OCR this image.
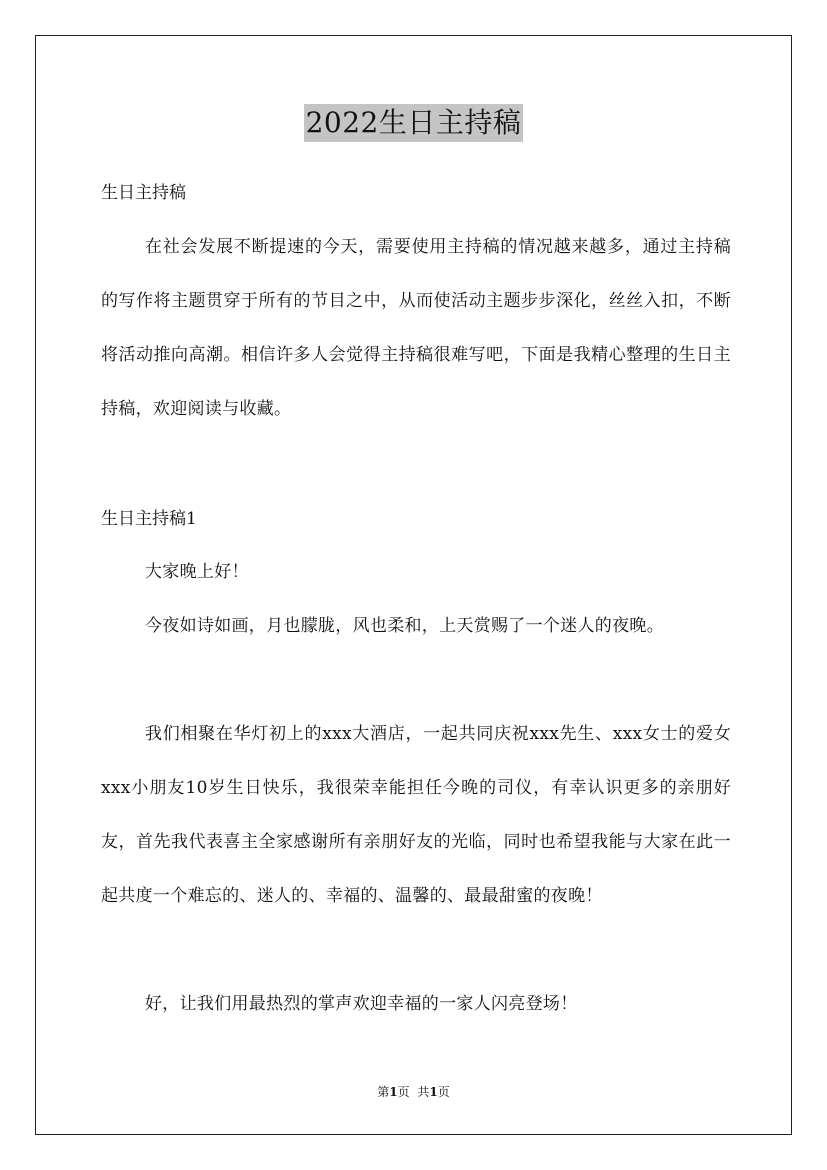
2022生日主持稿
生日主持稿
在社会发展不断提速的今天，需要使用主持稿的情况越来越多，通过主持稿的写作将主题贯穿于所有的节目之中，从而使活动主题步步深化，丝丝入扣，不断将活动推向高潮。相信许多人会觉得主持稿很难写吧，下面是我精心整理的生日主持稿，欢迎阅读与收藏。
生日主持稿1
大家晚上好！
今夜如诗如画，月也朦胧，风也柔和，上天赏赐了一个迷人的夜晚。
我们相聚在华灯初上的xxx大酒店，一起共同庆祝xxx先生、xxx女士的爱女xxx小朋友10岁生日快乐，我很荣幸能担任今晚的司仪，有幸认识更多的亲朋好友，首先我代表喜主全家感谢所有亲朋好友的光临，同时也希望我能与大家在此一起共度一个难忘的、迷人的、幸福的、温馨的、最最甜蜜的夜晚！
好，让我们用最热烈的掌声欢迎幸福的一家人闪亮登场！
第1页 共1页
